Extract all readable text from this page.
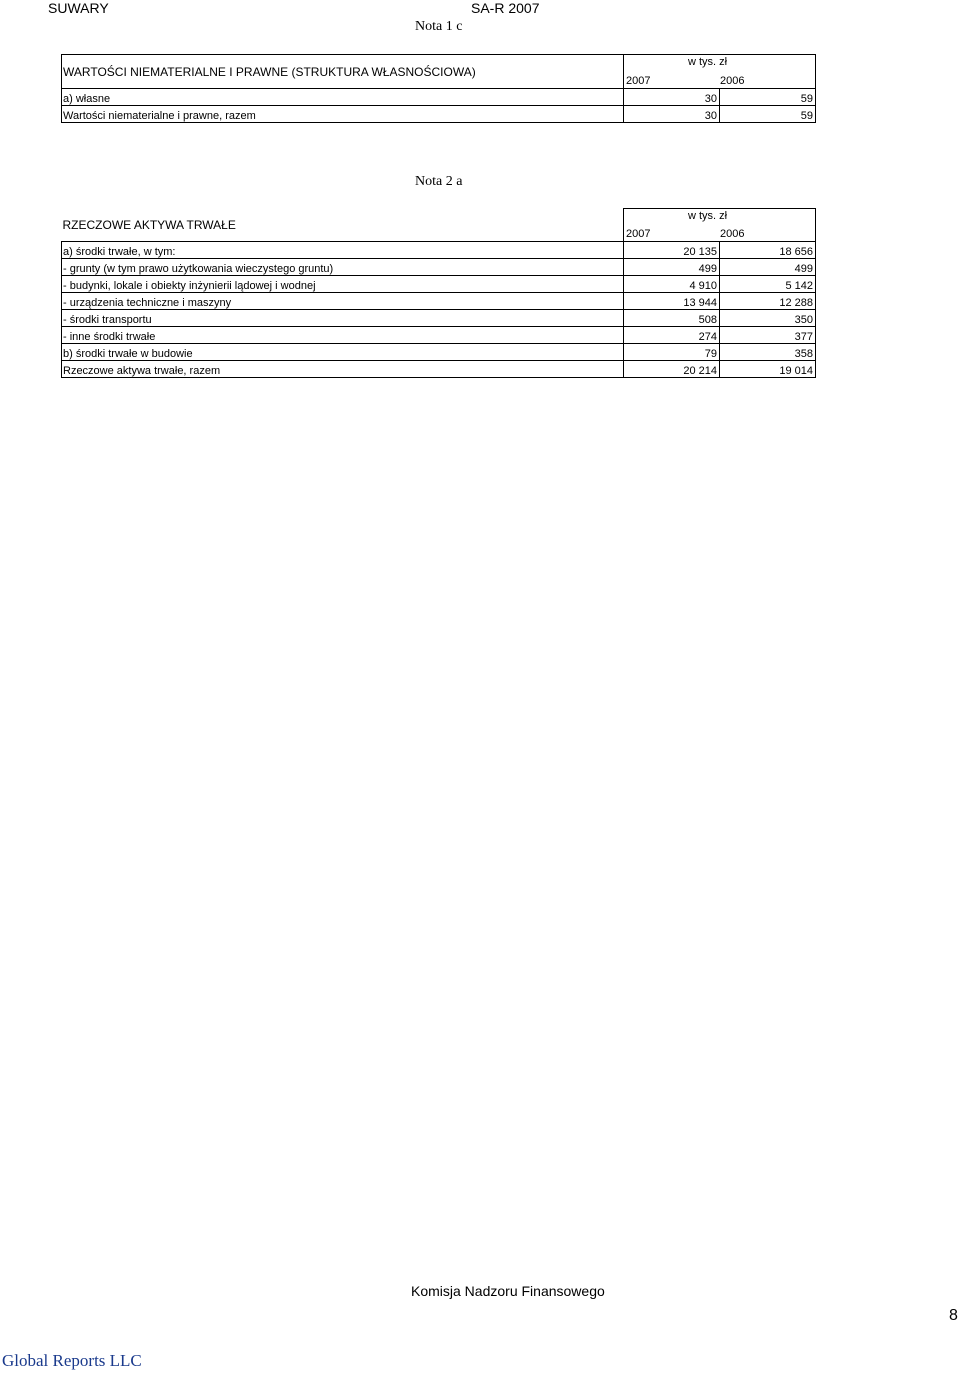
SUWARY	SA-R 2007
Nota 1 c
WARTOŚCI NIEMATERIALNE I PRAWNE (STRUKTURA WŁASNOŚCIOWA)	w tys. zł
2007 2006	

a) własne	30	59
Wartości niematerialne i prawne, razem	30	59
Nota 2 a
RZECZOWE AKTYWA TRWAŁE	w tys. zł
2007 2006	

a) środki trwałe, w tym:	20 135	18 656
- grunty (w tym prawo użytkowania wieczystego gruntu)	499	499
- budynki, lokale i obiekty inżynierii lądowej i wodnej	4 910	5 142
- urządzenia techniczne i maszyny	13 944	12 288
- środki transportu	508	350
- inne środki trwałe	274	377
b) środki trwałe w budowie	79	358
Rzeczowe aktywa trwałe, razem	20 214	19 014
Komisja Nadzoru Finansowego
8
Global Reports LLC
